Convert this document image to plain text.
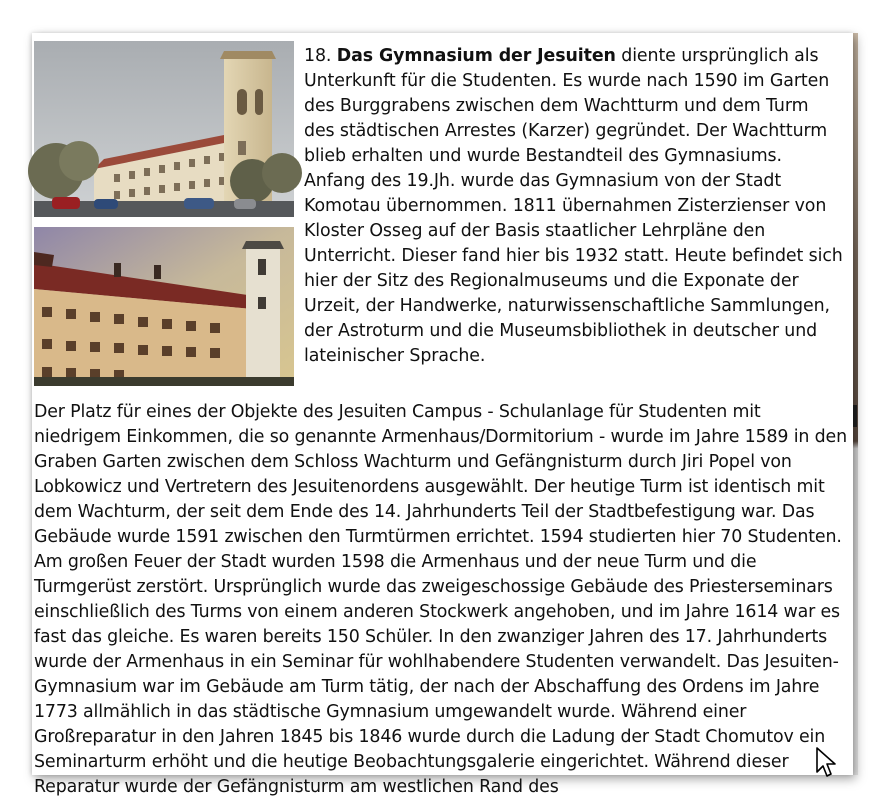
18. Das Gymnasium der Jesuiten diente ursprünglich als Unterkunft für die Studenten. Es wurde nach 1590 im Garten des Burggrabens zwischen dem Wachtturm und dem Turm des städtischen Arrestes (Karzer) gegründet. Der Wachtturm blieb erhalten und wurde Bestandteil des Gymnasiums. Anfang des 19.Jh. wurde das Gymnasium von der Stadt Komotau übernommen. 1811 übernahmen Zisterzienser von Kloster Osseg auf der Basis staatlicher Lehrpläne den Unterricht. Dieser fand hier bis 1932 statt. Heute befindet sich hier der Sitz des Regionalmuseums und die Exponate der Urzeit, der Handwerke, naturwissenschaftliche Sammlungen, der Astroturm und die Museumsbibliothek in deutscher und lateinischer Sprache.
Der Platz für eines der Objekte des Jesuiten Campus - Schulanlage für Studenten mit niedrigem Einkommen, die so genannte Armenhaus/Dormitorium - wurde im Jahre 1589 in den Graben Garten zwischen dem Schloss Wachturm und Gefängnisturm durch Jiri Popel von Lobkowicz und Vertretern des Jesuitenordens ausgewählt. Der heutige Turm ist identisch mit dem Wachturm, der seit dem Ende des 14. Jahrhunderts Teil der Stadtbefestigung war. Das Gebäude wurde 1591 zwischen den Turmtürmen errichtet. 1594 studierten hier 70 Studenten. Am großen Feuer der Stadt wurden 1598 die Armenhaus und der neue Turm und die Turmgerüst zerstört. Ursprünglich wurde das zweigeschossige Gebäude des Priesterseminars einschließlich des Turms von einem anderen Stockwerk angehoben, und im Jahre 1614 war es fast das gleiche. Es waren bereits 150 Schüler. In den zwanziger Jahren des 17. Jahrhunderts wurde der Armenhaus in ein Seminar für wohlhabendere Studenten verwandelt. Das Jesuiten-Gymnasium war im Gebäude am Turm tätig, der nach der Abschaffung des Ordens im Jahre 1773 allmählich in das städtische Gymnasium umgewandelt wurde. Während einer Großreparatur in den Jahren 1845 bis 1846 wurde durch die Ladung der Stadt Chomutov ein Seminarturm erhöht und die heutige Beobachtungsgalerie eingerichtet. Während dieser Reparatur wurde der Gefängnisturm am westlichen Rand des
